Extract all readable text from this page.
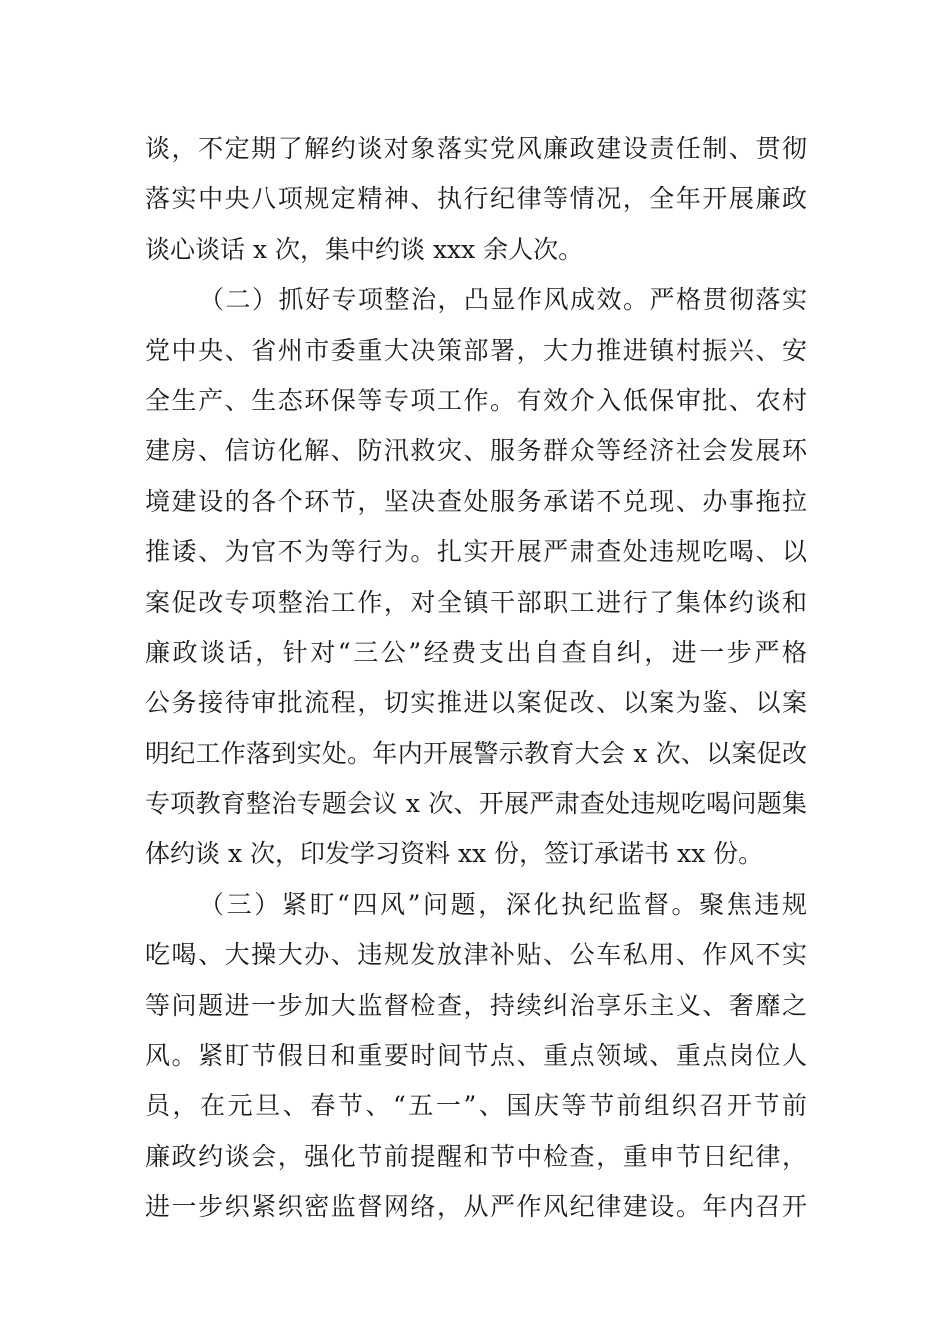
谈，不定期了解约谈对象落实党风廉政建设责任制、贯彻
落实中央八项规定精神、执行纪律等情况，全年开展廉政
谈心谈话 x 次，集中约谈 xxx 余人次。
（二）抓好专项整治，凸显作风成效。严格贯彻落实
党中央、省州市委重大决策部署，大力推进镇村振兴、安
全生产、生态环保等专项工作。有效介入低保审批、农村
建房、信访化解、防汛救灾、服务群众等经济社会发展环
境建设的各个环节，坚决查处服务承诺不兑现、办事拖拉
推诿、为官不为等行为。扎实开展严肃查处违规吃喝、以
案促改专项整治工作，对全镇干部职工进行了集体约谈和
廉政谈话，针对“三公”经费支出自查自纠，进一步严格
公务接待审批流程，切实推进以案促改、以案为鉴、以案
明纪工作落到实处。年内开展警示教育大会 x 次、以案促改
专项教育整治专题会议 x 次、开展严肃查处违规吃喝问题集
体约谈 x 次，印发学习资料 xx 份，签订承诺书 xx 份。
（三）紧盯“四风”问题，深化执纪监督。聚焦违规
吃喝、大操大办、违规发放津补贴、公车私用、作风不实
等问题进一步加大监督检查，持续纠治享乐主义、奢靡之
风。紧盯节假日和重要时间节点、重点领域、重点岗位人
员，在元旦、春节、“五一”、国庆等节前组织召开节前
廉政约谈会，强化节前提醒和节中检查，重申节日纪律，
进一步织紧织密监督网络，从严作风纪律建设。年内召开
